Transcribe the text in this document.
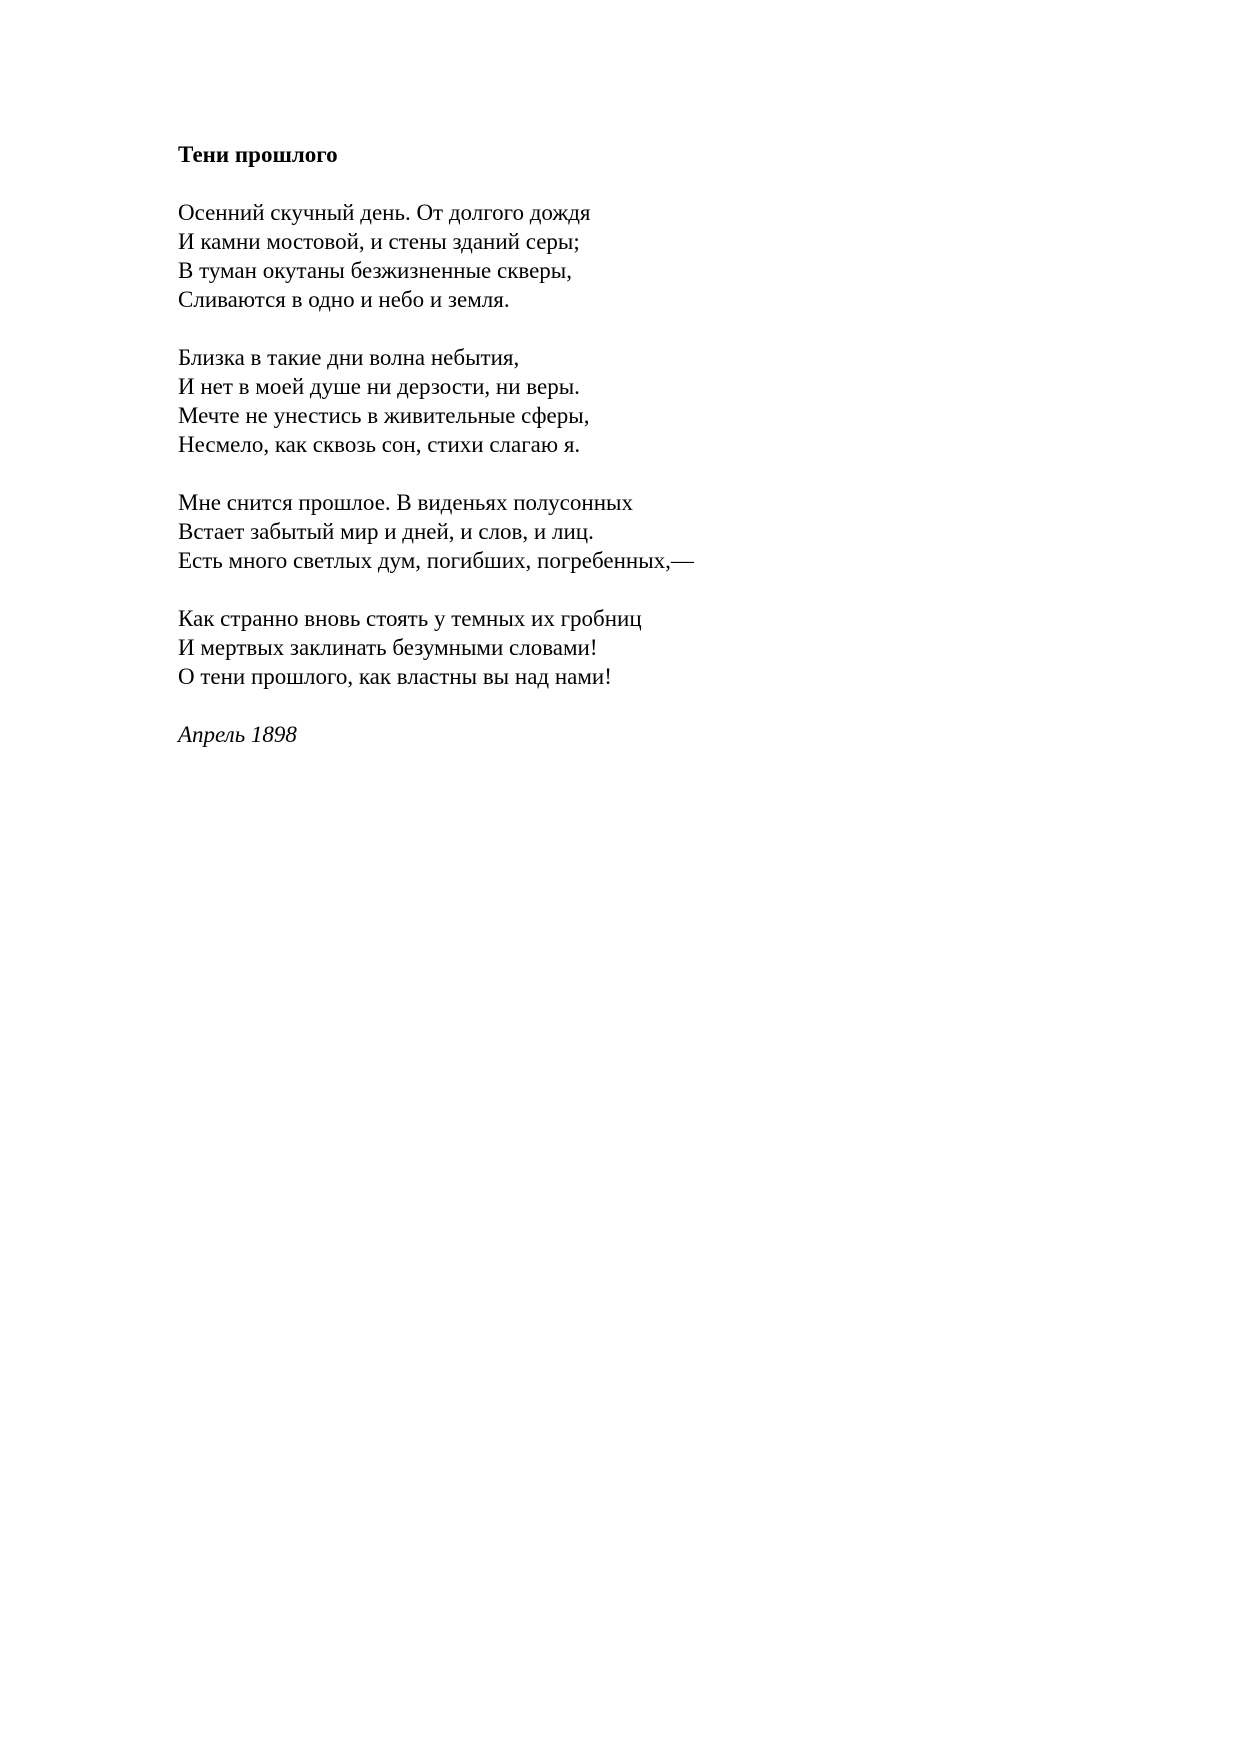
Тени прошлого
Осенний скучный день. От долгого дождя
И камни мостовой, и стены зданий серы;
В туман окутаны безжизненные скверы,
Сливаются в одно и небо и земля.
Близка в такие дни волна небытия,
И нет в моей душе ни дерзости, ни веры.
Мечте не унестись в живительные сферы,
Несмело, как сквозь сон, стихи слагаю я.
Мне снится прошлое. В виденьях полусонных
Встает забытый мир и дней, и слов, и лиц.
Есть много светлых дум, погибших, погребенных,—
Как странно вновь стоять у темных их гробниц
И мертвых заклинать безумными словами!
О тени прошлого, как властны вы над нами!
Апрель 1898
